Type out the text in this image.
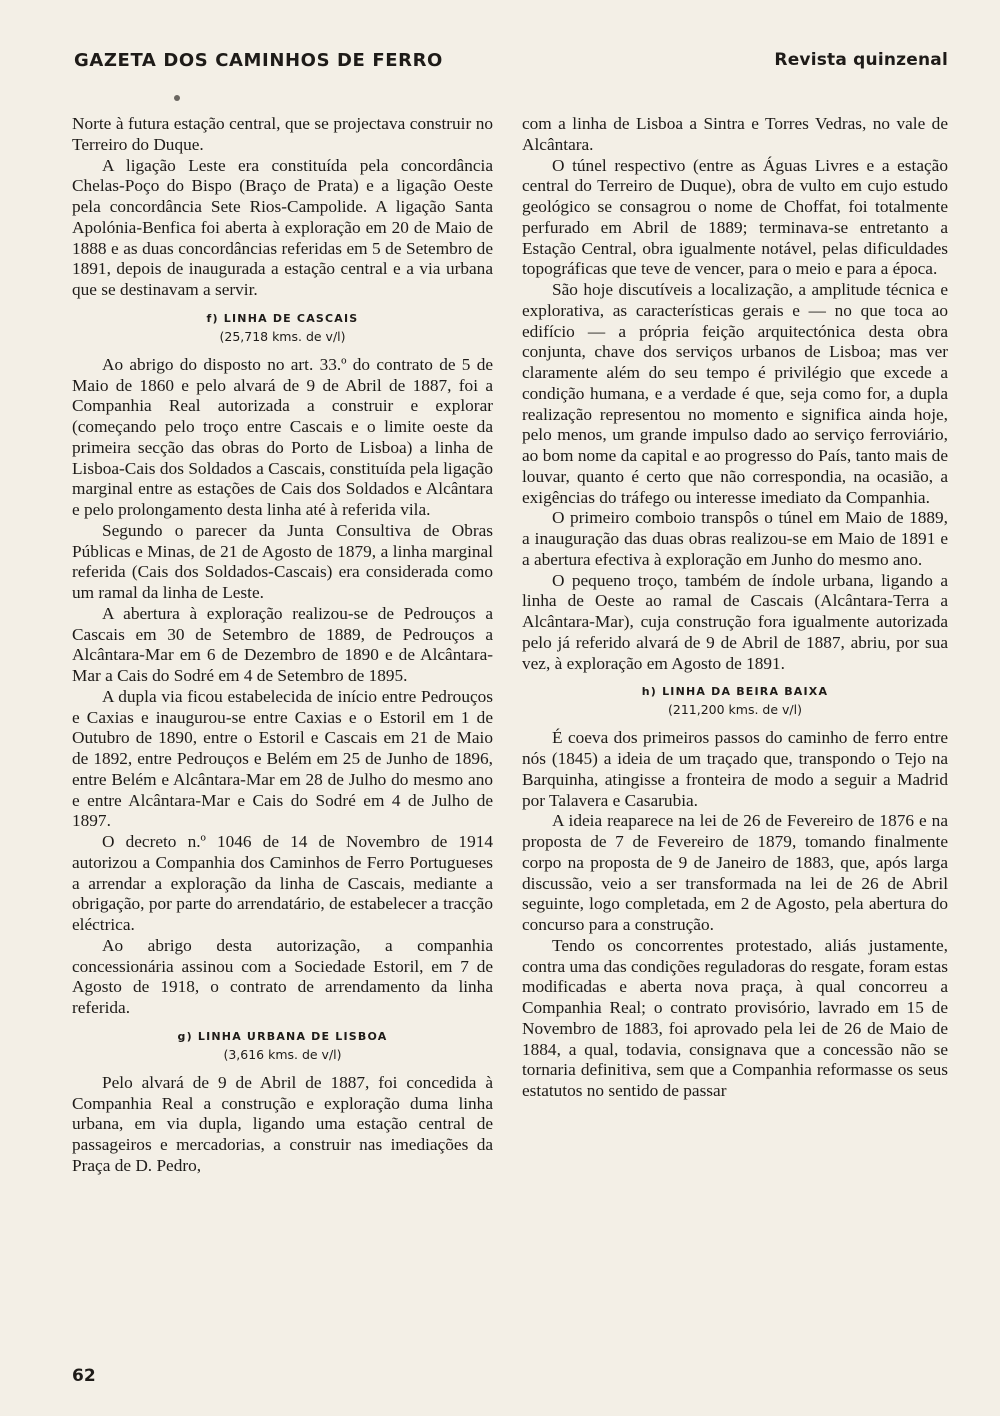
GAZETA DOS CAMINHOS DE FERRO	Revista quinzenal

Norte à futura estação central, que se projectava construir no Terreiro do Duque.

A ligação Leste era constituída pela concordância Chelas-Poço do Bispo (Braço de Prata) e a ligação Oeste pela concordância Sete Rios-Campolide. A ligação Santa Apolónia-Benfica foi aberta à exploração em 20 de Maio de 1888 e as duas concordâncias referidas em 5 de Setembro de 1891, depois de inaugurada a estação central e a via urbana que se destinavam a servir.

f) LINHA DE CASCAIS
(25,718 kms. de v/l)

Ao abrigo do disposto no art. 33.º do contrato de 5 de Maio de 1860 e pelo alvará de 9 de Abril de 1887, foi a Companhia Real autorizada a construir e explorar (começando pelo troço entre Cascais e o limite oeste da primeira secção das obras do Porto de Lisboa) a linha de Lisboa-Cais dos Soldados a Cascais, constituída pela ligação marginal entre as estações de Cais dos Soldados e Alcântara e pelo prolongamento desta linha até à referida vila.

Segundo o parecer da Junta Consultiva de Obras Públicas e Minas, de 21 de Agosto de 1879, a linha marginal referida (Cais dos Soldados-Cascais) era considerada como um ramal da linha de Leste.

A abertura à exploração realizou-se de Pedrouços a Cascais em 30 de Setembro de 1889, de Pedrouços a Alcântara-Mar em 6 de Dezembro de 1890 e de Alcântara-Mar a Cais do Sodré em 4 de Setembro de 1895.

A dupla via ficou estabelecida de início entre Pedrouços e Caxias e inaugurou-se entre Caxias e o Estoril em 1 de Outubro de 1890, entre o Estoril e Cascais em 21 de Maio de 1892, entre Pedrouços e Belém em 25 de Junho de 1896, entre Belém e Alcântara-Mar em 28 de Julho do mesmo ano e entre Alcântara-Mar e Cais do Sodré em 4 de Julho de 1897.

O decreto n.º 1046 de 14 de Novembro de 1914 autorizou a Companhia dos Caminhos de Ferro Portugueses a arrendar a exploração da linha de Cascais, mediante a obrigação, por parte do arrendatário, de estabelecer a tracção eléctrica.

Ao abrigo desta autorização, a companhia concessionária assinou com a Sociedade Estoril, em 7 de Agosto de 1918, o contrato de arrendamento da linha referida.

g) LINHA URBANA DE LISBOA
(3,616 kms. de v/l)

Pelo alvará de 9 de Abril de 1887, foi concedida à Companhia Real a construção e exploração duma linha urbana, em via dupla, ligando uma estação central de passageiros e mercadorias, a construir nas imediações da Praça de D. Pedro,

com a linha de Lisboa a Sintra e Torres Vedras, no vale de Alcântara.

O túnel respectivo (entre as Águas Livres e a estação central do Terreiro de Duque), obra de vulto em cujo estudo geológico se consagrou o nome de Choffat, foi totalmente perfurado em Abril de 1889; terminava-se entretanto a Estação Central, obra igualmente notável, pelas dificuldades topográficas que teve de vencer, para o meio e para a época.

São hoje discutíveis a localização, a amplitude técnica e explorativa, as características gerais e — no que toca ao edifício — a própria feição arquitectónica desta obra conjunta, chave dos serviços urbanos de Lisboa; mas ver claramente além do seu tempo é privilégio que excede a condição humana, e a verdade é que, seja como for, a dupla realização representou no momento e significa ainda hoje, pelo menos, um grande impulso dado ao serviço ferroviário, ao bom nome da capital e ao progresso do País, tanto mais de louvar, quanto é certo que não correspondia, na ocasião, a exigências do tráfego ou interesse imediato da Companhia.

O primeiro comboio transpôs o túnel em Maio de 1889, a inauguração das duas obras realizou-se em Maio de 1891 e a abertura efectiva à exploração em Junho do mesmo ano.

O pequeno troço, também de índole urbana, ligando a linha de Oeste ao ramal de Cascais (Alcântara-Terra a Alcântara-Mar), cuja construção fora igualmente autorizada pelo já referido alvará de 9 de Abril de 1887, abriu, por sua vez, à exploração em Agosto de 1891.

h) LINHA DA BEIRA BAIXA
(211,200 kms. de v/l)

É coeva dos primeiros passos do caminho de ferro entre nós (1845) a ideia de um traçado que, transpondo o Tejo na Barquinha, atingisse a fronteira de modo a seguir a Madrid por Talavera e Casarubia.

A ideia reaparece na lei de 26 de Fevereiro de 1876 e na proposta de 7 de Fevereiro de 1879, tomando finalmente corpo na proposta de 9 de Janeiro de 1883, que, após larga discussão, veio a ser transformada na lei de 26 de Abril seguinte, logo completada, em 2 de Agosto, pela abertura do concurso para a construção.

Tendo os concorrentes protestado, aliás justamente, contra uma das condições reguladoras do resgate, foram estas modificadas e aberta nova praça, à qual concorreu a Companhia Real; o contrato provisório, lavrado em 15 de Novembro de 1883, foi aprovado pela lei de 26 de Maio de 1884, a qual, todavia, consignava que a concessão não se tornaria definitiva, sem que a Companhia reformasse os seus estatutos no sentido de passar

62
